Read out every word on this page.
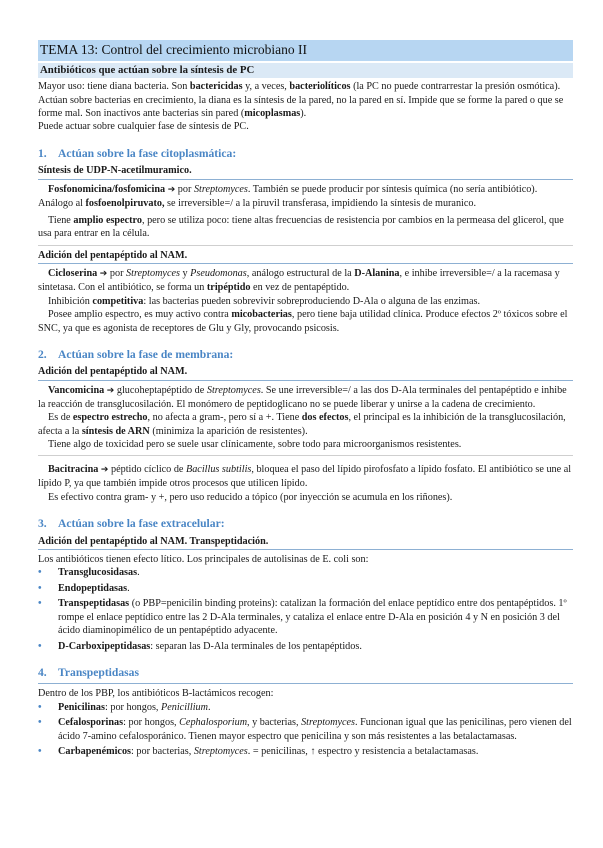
TEMA 13: Control del crecimiento microbiano II
Antibióticos que actúan sobre la síntesis de PC

Mayor uso: tiene diana bacteria. Son bactericidas y, a veces, bacteriolíticos (la PC no puede contrarrestar la presión osmótica).

Actúan sobre bacterias en crecimiento, la diana es la síntesis de la pared, no la pared en sí. Impide que se forme la pared o que se forme mal. Son inactivos ante bacterias sin pared (micoplasmas).

Puede actuar sobre cualquier fase de síntesis de PC.

1. Actúan sobre la fase citoplasmática:
Síntesis de UDP-N-acetilmuramico.

Fosfonomicina/fosfomicina ➔ por Streptomyces. También se puede producir por síntesis química (no sería antibiótico). Análogo al fosfoenolpiruvato, se irreversible=/ a la piruvil transferasa, impidiendo la síntesis de muranico.

Tiene amplio espectro, pero se utiliza poco: tiene altas frecuencias de resistencia por cambios en la permeasa del glicerol, que usa para entrar en la célula.

Adición del pentapéptido al NAM.

Cicloserina ➔ por Streptomyces y Pseudomonas, análogo estructural de la D-Alanina, e inhibe irreversible=/ a la racemasa y sintetasa. Con el antibiótico, se forma un tripéptido en vez de pentapéptido.

Inhibición competitiva: las bacterias pueden sobrevivir sobreproduciendo D-Ala o alguna de las enzimas.

Posee amplio espectro, es muy activo contra micobacterias, pero tiene baja utilidad clínica. Produce efectos 2º tóxicos sobre el SNC, ya que es agonista de receptores de Glu y Gly, provocando psicosis.

2. Actúan sobre la fase de membrana:
Adición del pentapéptido al NAM.

Vancomicina ➔ glucoheptapéptido de Streptomyces. Se une irreversible=/ a las dos D-Ala terminales del pentapéptido e inhibe la reacción de transglucosilación. El monómero de peptidoglicano no se puede liberar y unirse a la cadena de crecimiento.

Es de espectro estrecho, no afecta a gram-, pero sí a +. Tiene dos efectos, el principal es la inhibición de la transglucosilación, afecta a la síntesis de ARN (minimiza la aparición de resistentes).

Tiene algo de toxicidad pero se suele usar clínicamente, sobre todo para microorganismos resistentes.

Bacitracina ➔ péptido cíclico de Bacillus subtilis, bloquea el paso del lípido pirofosfato a lípido fosfato. El antibiótico se une al lípido P, ya que también impide otros procesos que utilicen lípido.

Es efectivo contra gram- y +, pero uso reducido a tópico (por inyección se acumula en los riñones).

3. Actúan sobre la fase extracelular:
Adición del pentapéptido al NAM. Transpeptidación.

Los antibióticos tienen efecto lítico. Los principales de autolisinas de E. coli son:

• Transglucosidasas.
• Endopeptidasas.
• Transpeptidasas (o PBP=penicilin binding proteins): catalizan la formación del enlace peptídico entre dos pentapéptidos. 1º rompe el enlace peptídico entre las 2 D-Ala terminales, y cataliza el enlace entre D-Ala en posición 4 y N en posición 3 del ácido diaminopimélico de un pentapéptido adyacente.
• D-Carboxipeptidasas: separan las D-Ala terminales de los pentapéptidos.
4. Transpeptidasas

Dentro de los PBP, los antibióticos B-lactámicos recogen:

• Penicilinas: por hongos, Penicillium.
• Cefalosporinas: por hongos, Cephalosporium, y bacterias, Streptomyces. Funcionan igual que las penicilinas, pero vienen del ácido 7-amino cefalosporánico. Tienen mayor espectro que penicilina y son más resistentes a las betalactamasas.
• Carbapenémicos: por bacterias, Streptomyces. = penicilinas, ↑ espectro y resistencia a betalactamasas.
